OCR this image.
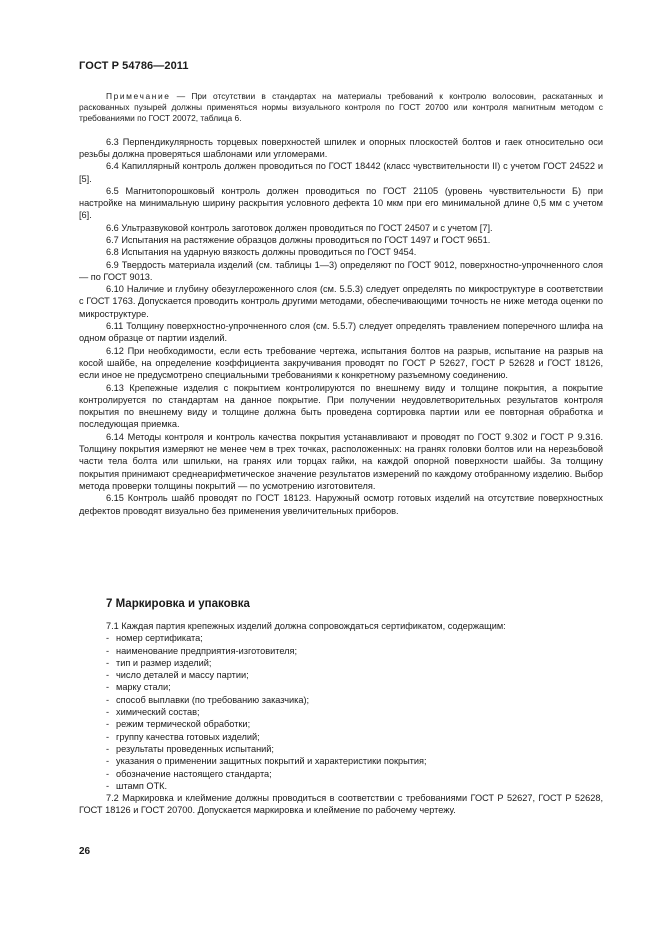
ГОСТ Р 54786—2011

Примечание — При отсутствии в стандартах на материалы требований к контролю волосовин, раскатанных и раскованных пузырей должны применяться нормы визуального контроля по ГОСТ 20700 или контроля магнитным методом с требованиями по ГОСТ 20072, таблица 6.

6.3 Перпендикулярность торцевых поверхностей шпилек и опорных плоскостей болтов и гаек относительно оси резьбы должна проверяться шаблонами или угломерами.

6.4 Капиллярный контроль должен проводиться по ГОСТ 18442 (класс чувствительности II) с учетом ГОСТ 24522 и [5].

6.5 Магнитопорошковый контроль должен проводиться по ГОСТ 21105 (уровень чувствительности Б) при настройке на минимальную ширину раскрытия условного дефекта 10 мкм при его минимальной длине 0,5 мм с учетом [6].

6.6 Ультразвуковой контроль заготовок должен проводиться по ГОСТ 24507 и с учетом [7].

6.7 Испытания на растяжение образцов должны проводиться по ГОСТ 1497 и ГОСТ 9651.

6.8 Испытания на ударную вязкость должны проводиться по ГОСТ 9454.

6.9 Твердость материала изделий (см. таблицы 1—3) определяют по ГОСТ 9012, поверхностно-упрочненного слоя — по ГОСТ 9013.

6.10 Наличие и глубину обезуглероженного слоя (см. 5.5.3) следует определять по микроструктуре в соответствии с ГОСТ 1763. Допускается проводить контроль другими методами, обеспечивающими точность не ниже метода оценки по микроструктуре.

6.11 Толщину поверхностно-упрочненного слоя (см. 5.5.7) следует определять травлением поперечного шлифа на одном образце от партии изделий.

6.12 При необходимости, если есть требование чертежа, испытания болтов на разрыв, испытание на разрыв на косой шайбе, на определение коэффициента закручивания проводят по ГОСТ Р 52627, ГОСТ Р 52628 и ГОСТ 18126, если иное не предусмотрено специальными требованиями к конкретному разъемному соединению.

6.13 Крепежные изделия с покрытием контролируются по внешнему виду и толщине покрытия, а покрытие контролируется по стандартам на данное покрытие. При получении неудовлетворительных результатов контроля покрытия по внешнему виду и толщине должна быть проведена сортировка партии или ее повторная обработка и последующая приемка.

6.14 Методы контроля и контроль качества покрытия устанавливают и проводят по ГОСТ 9.302 и ГОСТ Р 9.316. Толщину покрытия измеряют не менее чем в трех точках, расположенных: на гранях головки болтов или на нерезьбовой части тела болта или шпильки, на гранях или торцах гайки, на каждой опорной поверхности шайбы. За толщину покрытия принимают среднеарифметическое значение результатов измерений по каждому отобранному изделию. Выбор метода проверки толщины покрытий — по усмотрению изготовителя.

6.15 Контроль шайб проводят по ГОСТ 18123. Наружный осмотр готовых изделий на отсутствие поверхностных дефектов проводят визуально без применения увеличительных приборов.

7 Маркировка и упаковка

7.1 Каждая партия крепежных изделий должна сопровождаться сертификатом, содержащим:

- номер сертификата;
- наименование предприятия-изготовителя;
- тип и размер изделий;
- число деталей и массу партии;
- марку стали;
- способ выплавки (по требованию заказчика);
- химический состав;
- режим термической обработки;
- группу качества готовых изделий;
- результаты проведенных испытаний;
- указания о применении защитных покрытий и характеристики покрытия;
- обозначение настоящего стандарта;
- штамп ОТК.

7.2 Маркировка и клеймение должны проводиться в соответствии с требованиями ГОСТ Р 52627, ГОСТ Р 52628, ГОСТ 18126 и ГОСТ 20700. Допускается маркировка и клеймение по рабочему чертежу.

26
